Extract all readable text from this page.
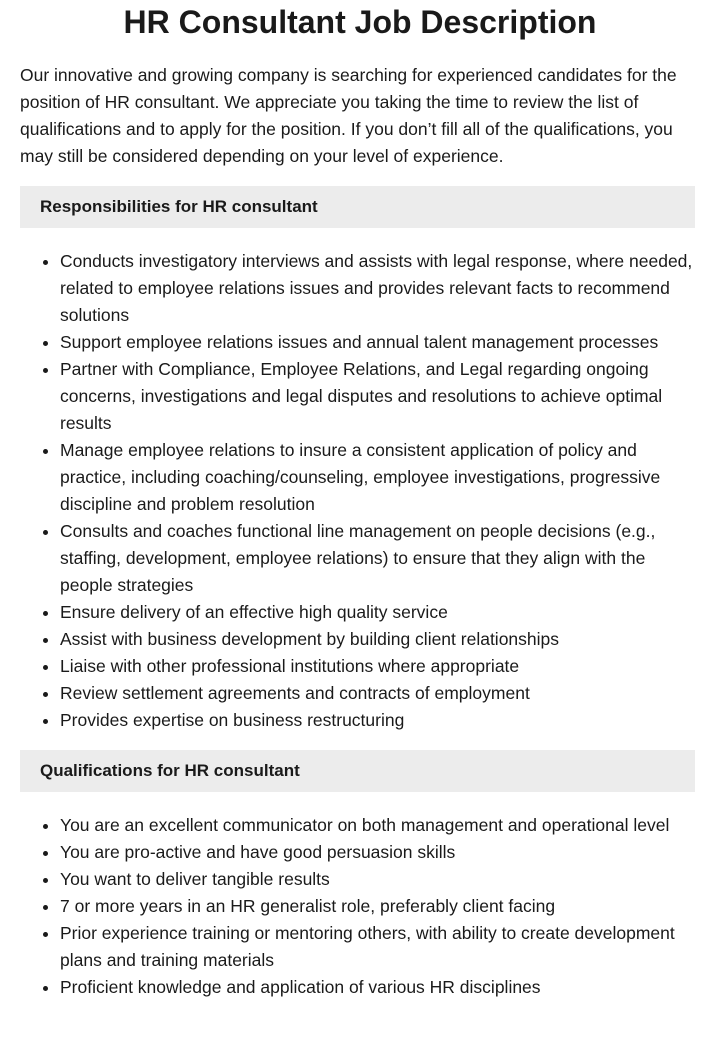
HR Consultant Job Description

Our innovative and growing company is searching for experienced candidates for the position of HR consultant. We appreciate you taking the time to review the list of qualifications and to apply for the position. If you don’t fill all of the qualifications, you may still be considered depending on your level of experience.

Responsibilities for HR consultant
• Conducts investigatory interviews and assists with legal response, where needed, related to employee relations issues and provides relevant facts to recommend solutions
• Support employee relations issues and annual talent management processes
• Partner with Compliance, Employee Relations, and Legal regarding ongoing concerns, investigations and legal disputes and resolutions to achieve optimal results
• Manage employee relations to insure a consistent application of policy and practice, including coaching/counseling, employee investigations, progressive discipline and problem resolution
• Consults and coaches functional line management on people decisions (e.g., staffing, development, employee relations) to ensure that they align with the people strategies
• Ensure delivery of an effective high quality service
• Assist with business development by building client relationships
• Liaise with other professional institutions where appropriate
• Review settlement agreements and contracts of employment
• Provides expertise on business restructuring
Qualifications for HR consultant
• You are an excellent communicator on both management and operational level
• You are pro-active and have good persuasion skills
• You want to deliver tangible results
• 7 or more years in an HR generalist role, preferably client facing
• Prior experience training or mentoring others, with ability to create development plans and training materials
• Proficient knowledge and application of various HR disciplines
